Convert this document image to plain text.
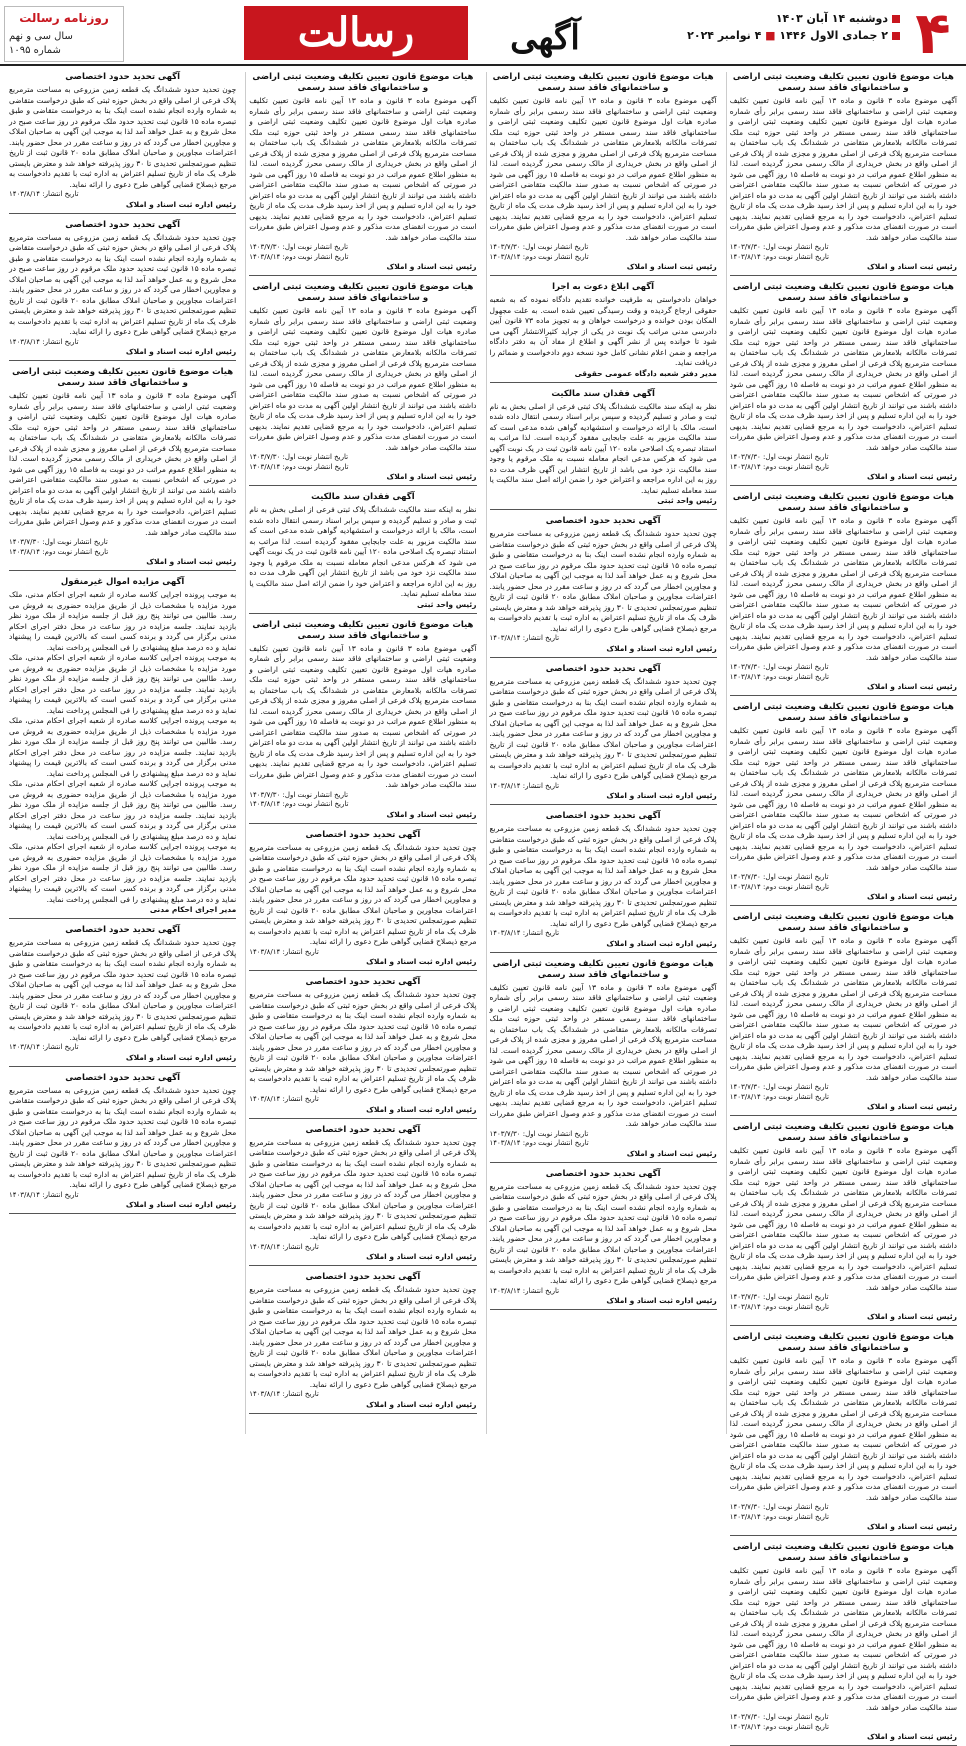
۴
دوشنبه ۱۴ آبان ۱۴۰۳
۲ جمادی الاول ۱۴۴۶ ■ ۴ نوامبر ۲۰۲۴
آگهی
رسالت
روزنامه رسالت
سال سی و نهم
شماره ۱۰۹۵
هیات موضوع قانون تعیین تکلیف وضعیت ثبتی اراضی و ساختمانهای فاقد سند رسمی
آگهی موضوع ماده ۳ قانون و ماده ۱۳ آیین نامه قانون تعیین تکلیف وضعیت ثبتی اراضی و ساختمانهای فاقد سند رسمی برابر رأی شماره صادره هیات اول موضوع قانون تعیین تکلیف وضعیت ثبتی اراضی و ساختمانهای فاقد سند رسمی مستقر در واحد ثبتی حوزه ثبت ملک تصرفات مالکانه بلامعارض متقاضی در ششدانگ یک باب ساختمان به مساحت مترمربع پلاک فرعی از اصلی مفروز و مجزی شده از پلاک فرعی از اصلی واقع در بخش خریداری از مالک رسمی محرز گردیده است. لذا به منظور اطلاع عموم مراتب در دو نوبت به فاصله ۱۵ روز آگهی می شود در صورتی که اشخاص نسبت به صدور سند مالکیت متقاضی اعتراضی داشته باشند می توانند از تاریخ انتشار اولین آگهی به مدت دو ماه اعتراض خود را به این اداره تسلیم و پس از اخذ رسید ظرف مدت یک ماه از تاریخ تسلیم اعتراض، دادخواست خود را به مرجع قضایی تقدیم نمایند. بدیهی است در صورت انقضای مدت مذکور و عدم وصول اعتراض طبق مقررات سند مالکیت صادر خواهد شد.
تاریخ انتشار نوبت اول: ۱۴۰۳/۷/۳۰
تاریخ انتشار نوبت دوم: ۱۴۰۳/۸/۱۴
رئیس ثبت اسناد و املاک
هیات موضوع قانون تعیین تکلیف وضعیت ثبتی اراضی و ساختمانهای فاقد سند رسمی
آگهی موضوع ماده ۳ قانون و ماده ۱۳ آیین نامه قانون تعیین تکلیف وضعیت ثبتی اراضی و ساختمانهای فاقد سند رسمی برابر رأی شماره صادره هیات اول موضوع قانون تعیین تکلیف وضعیت ثبتی اراضی و ساختمانهای فاقد سند رسمی مستقر در واحد ثبتی حوزه ثبت ملک تصرفات مالکانه بلامعارض متقاضی در ششدانگ یک باب ساختمان به مساحت مترمربع پلاک فرعی از اصلی مفروز و مجزی شده از پلاک فرعی از اصلی واقع در بخش خریداری از مالک رسمی محرز گردیده است. لذا به منظور اطلاع عموم مراتب در دو نوبت به فاصله ۱۵ روز آگهی می شود در صورتی که اشخاص نسبت به صدور سند مالکیت متقاضی اعتراضی داشته باشند می توانند از تاریخ انتشار اولین آگهی به مدت دو ماه اعتراض خود را به این اداره تسلیم و پس از اخذ رسید ظرف مدت یک ماه از تاریخ تسلیم اعتراض، دادخواست خود را به مرجع قضایی تقدیم نمایند. بدیهی است در صورت انقضای مدت مذکور و عدم وصول اعتراض طبق مقررات سند مالکیت صادر خواهد شد.
تاریخ انتشار نوبت اول: ۱۴۰۳/۷/۳۰
تاریخ انتشار نوبت دوم: ۱۴۰۳/۸/۱۴
رئیس ثبت اسناد و املاک
هیات موضوع قانون تعیین تکلیف وضعیت ثبتی اراضی و ساختمانهای فاقد سند رسمی
آگهی موضوع ماده ۳ قانون و ماده ۱۳ آیین نامه قانون تعیین تکلیف وضعیت ثبتی اراضی و ساختمانهای فاقد سند رسمی برابر رأی شماره صادره هیات اول موضوع قانون تعیین تکلیف وضعیت ثبتی اراضی و ساختمانهای فاقد سند رسمی مستقر در واحد ثبتی حوزه ثبت ملک تصرفات مالکانه بلامعارض متقاضی در ششدانگ یک باب ساختمان به مساحت مترمربع پلاک فرعی از اصلی مفروز و مجزی شده از پلاک فرعی از اصلی واقع در بخش خریداری از مالک رسمی محرز گردیده است. لذا به منظور اطلاع عموم مراتب در دو نوبت به فاصله ۱۵ روز آگهی می شود در صورتی که اشخاص نسبت به صدور سند مالکیت متقاضی اعتراضی داشته باشند می توانند از تاریخ انتشار اولین آگهی به مدت دو ماه اعتراض خود را به این اداره تسلیم و پس از اخذ رسید ظرف مدت یک ماه از تاریخ تسلیم اعتراض، دادخواست خود را به مرجع قضایی تقدیم نمایند. بدیهی است در صورت انقضای مدت مذکور و عدم وصول اعتراض طبق مقررات سند مالکیت صادر خواهد شد.
تاریخ انتشار نوبت اول: ۱۴۰۳/۷/۳۰
تاریخ انتشار نوبت دوم: ۱۴۰۳/۸/۱۴
رئیس ثبت اسناد و املاک
هیات موضوع قانون تعیین تکلیف وضعیت ثبتی اراضی و ساختمانهای فاقد سند رسمی
آگهی موضوع ماده ۳ قانون و ماده ۱۳ آیین نامه قانون تعیین تکلیف وضعیت ثبتی اراضی و ساختمانهای فاقد سند رسمی برابر رأی شماره صادره هیات اول موضوع قانون تعیین تکلیف وضعیت ثبتی اراضی و ساختمانهای فاقد سند رسمی مستقر در واحد ثبتی حوزه ثبت ملک تصرفات مالکانه بلامعارض متقاضی در ششدانگ یک باب ساختمان به مساحت مترمربع پلاک فرعی از اصلی مفروز و مجزی شده از پلاک فرعی از اصلی واقع در بخش خریداری از مالک رسمی محرز گردیده است. لذا به منظور اطلاع عموم مراتب در دو نوبت به فاصله ۱۵ روز آگهی می شود در صورتی که اشخاص نسبت به صدور سند مالکیت متقاضی اعتراضی داشته باشند می توانند از تاریخ انتشار اولین آگهی به مدت دو ماه اعتراض خود را به این اداره تسلیم و پس از اخذ رسید ظرف مدت یک ماه از تاریخ تسلیم اعتراض، دادخواست خود را به مرجع قضایی تقدیم نمایند. بدیهی است در صورت انقضای مدت مذکور و عدم وصول اعتراض طبق مقررات سند مالکیت صادر خواهد شد.
تاریخ انتشار نوبت اول: ۱۴۰۳/۷/۳۰
تاریخ انتشار نوبت دوم: ۱۴۰۳/۸/۱۴
رئیس ثبت اسناد و املاک
هیات موضوع قانون تعیین تکلیف وضعیت ثبتی اراضی و ساختمانهای فاقد سند رسمی
آگهی موضوع ماده ۳ قانون و ماده ۱۳ آیین نامه قانون تعیین تکلیف وضعیت ثبتی اراضی و ساختمانهای فاقد سند رسمی برابر رأی شماره صادره هیات اول موضوع قانون تعیین تکلیف وضعیت ثبتی اراضی و ساختمانهای فاقد سند رسمی مستقر در واحد ثبتی حوزه ثبت ملک تصرفات مالکانه بلامعارض متقاضی در ششدانگ یک باب ساختمان به مساحت مترمربع پلاک فرعی از اصلی مفروز و مجزی شده از پلاک فرعی از اصلی واقع در بخش خریداری از مالک رسمی محرز گردیده است. لذا به منظور اطلاع عموم مراتب در دو نوبت به فاصله ۱۵ روز آگهی می شود در صورتی که اشخاص نسبت به صدور سند مالکیت متقاضی اعتراضی داشته باشند می توانند از تاریخ انتشار اولین آگهی به مدت دو ماه اعتراض خود را به این اداره تسلیم و پس از اخذ رسید ظرف مدت یک ماه از تاریخ تسلیم اعتراض، دادخواست خود را به مرجع قضایی تقدیم نمایند. بدیهی است در صورت انقضای مدت مذکور و عدم وصول اعتراض طبق مقررات سند مالکیت صادر خواهد شد.
تاریخ انتشار نوبت اول: ۱۴۰۳/۷/۳۰
تاریخ انتشار نوبت دوم: ۱۴۰۳/۸/۱۴
رئیس ثبت اسناد و املاک
هیات موضوع قانون تعیین تکلیف وضعیت ثبتی اراضی و ساختمانهای فاقد سند رسمی
آگهی موضوع ماده ۳ قانون و ماده ۱۳ آیین نامه قانون تعیین تکلیف وضعیت ثبتی اراضی و ساختمانهای فاقد سند رسمی برابر رأی شماره صادره هیات اول موضوع قانون تعیین تکلیف وضعیت ثبتی اراضی و ساختمانهای فاقد سند رسمی مستقر در واحد ثبتی حوزه ثبت ملک تصرفات مالکانه بلامعارض متقاضی در ششدانگ یک باب ساختمان به مساحت مترمربع پلاک فرعی از اصلی مفروز و مجزی شده از پلاک فرعی از اصلی واقع در بخش خریداری از مالک رسمی محرز گردیده است. لذا به منظور اطلاع عموم مراتب در دو نوبت به فاصله ۱۵ روز آگهی می شود در صورتی که اشخاص نسبت به صدور سند مالکیت متقاضی اعتراضی داشته باشند می توانند از تاریخ انتشار اولین آگهی به مدت دو ماه اعتراض خود را به این اداره تسلیم و پس از اخذ رسید ظرف مدت یک ماه از تاریخ تسلیم اعتراض، دادخواست خود را به مرجع قضایی تقدیم نمایند. بدیهی است در صورت انقضای مدت مذکور و عدم وصول اعتراض طبق مقررات سند مالکیت صادر خواهد شد.
تاریخ انتشار نوبت اول: ۱۴۰۳/۷/۳۰
تاریخ انتشار نوبت دوم: ۱۴۰۳/۸/۱۴
رئیس ثبت اسناد و املاک
هیات موضوع قانون تعیین تکلیف وضعیت ثبتی اراضی و ساختمانهای فاقد سند رسمی
آگهی موضوع ماده ۳ قانون و ماده ۱۳ آیین نامه قانون تعیین تکلیف وضعیت ثبتی اراضی و ساختمانهای فاقد سند رسمی برابر رأی شماره صادره هیات اول موضوع قانون تعیین تکلیف وضعیت ثبتی اراضی و ساختمانهای فاقد سند رسمی مستقر در واحد ثبتی حوزه ثبت ملک تصرفات مالکانه بلامعارض متقاضی در ششدانگ یک باب ساختمان به مساحت مترمربع پلاک فرعی از اصلی مفروز و مجزی شده از پلاک فرعی از اصلی واقع در بخش خریداری از مالک رسمی محرز گردیده است. لذا به منظور اطلاع عموم مراتب در دو نوبت به فاصله ۱۵ روز آگهی می شود در صورتی که اشخاص نسبت به صدور سند مالکیت متقاضی اعتراضی داشته باشند می توانند از تاریخ انتشار اولین آگهی به مدت دو ماه اعتراض خود را به این اداره تسلیم و پس از اخذ رسید ظرف مدت یک ماه از تاریخ تسلیم اعتراض، دادخواست خود را به مرجع قضایی تقدیم نمایند. بدیهی است در صورت انقضای مدت مذکور و عدم وصول اعتراض طبق مقررات سند مالکیت صادر خواهد شد.
تاریخ انتشار نوبت اول: ۱۴۰۳/۷/۳۰
تاریخ انتشار نوبت دوم: ۱۴۰۳/۸/۱۴
رئیس ثبت اسناد و املاک
هیات موضوع قانون تعیین تکلیف وضعیت ثبتی اراضی و ساختمانهای فاقد سند رسمی
آگهی موضوع ماده ۳ قانون و ماده ۱۳ آیین نامه قانون تعیین تکلیف وضعیت ثبتی اراضی و ساختمانهای فاقد سند رسمی برابر رأی شماره صادره هیات اول موضوع قانون تعیین تکلیف وضعیت ثبتی اراضی و ساختمانهای فاقد سند رسمی مستقر در واحد ثبتی حوزه ثبت ملک تصرفات مالکانه بلامعارض متقاضی در ششدانگ یک باب ساختمان به مساحت مترمربع پلاک فرعی از اصلی مفروز و مجزی شده از پلاک فرعی از اصلی واقع در بخش خریداری از مالک رسمی محرز گردیده است. لذا به منظور اطلاع عموم مراتب در دو نوبت به فاصله ۱۵ روز آگهی می شود در صورتی که اشخاص نسبت به صدور سند مالکیت متقاضی اعتراضی داشته باشند می توانند از تاریخ انتشار اولین آگهی به مدت دو ماه اعتراض خود را به این اداره تسلیم و پس از اخذ رسید ظرف مدت یک ماه از تاریخ تسلیم اعتراض، دادخواست خود را به مرجع قضایی تقدیم نمایند. بدیهی است در صورت انقضای مدت مذکور و عدم وصول اعتراض طبق مقررات سند مالکیت صادر خواهد شد.
تاریخ انتشار نوبت اول: ۱۴۰۳/۷/۳۰
تاریخ انتشار نوبت دوم: ۱۴۰۳/۸/۱۴
رئیس ثبت اسناد و املاک
هیات موضوع قانون تعیین تکلیف وضعیت ثبتی اراضی و ساختمانهای فاقد سند رسمی
آگهی موضوع ماده ۳ قانون و ماده ۱۳ آیین نامه قانون تعیین تکلیف وضعیت ثبتی اراضی و ساختمانهای فاقد سند رسمی برابر رأی شماره صادره هیات اول موضوع قانون تعیین تکلیف وضعیت ثبتی اراضی و ساختمانهای فاقد سند رسمی مستقر در واحد ثبتی حوزه ثبت ملک تصرفات مالکانه بلامعارض متقاضی در ششدانگ یک باب ساختمان به مساحت مترمربع پلاک فرعی از اصلی مفروز و مجزی شده از پلاک فرعی از اصلی واقع در بخش خریداری از مالک رسمی محرز گردیده است. لذا به منظور اطلاع عموم مراتب در دو نوبت به فاصله ۱۵ روز آگهی می شود در صورتی که اشخاص نسبت به صدور سند مالکیت متقاضی اعتراضی داشته باشند می توانند از تاریخ انتشار اولین آگهی به مدت دو ماه اعتراض خود را به این اداره تسلیم و پس از اخذ رسید ظرف مدت یک ماه از تاریخ تسلیم اعتراض، دادخواست خود را به مرجع قضایی تقدیم نمایند. بدیهی است در صورت انقضای مدت مذکور و عدم وصول اعتراض طبق مقررات سند مالکیت صادر خواهد شد.
تاریخ انتشار نوبت اول: ۱۴۰۳/۷/۳۰
تاریخ انتشار نوبت دوم: ۱۴۰۳/۸/۱۴
رئیس ثبت اسناد و املاک
آگهی ابلاغ دعوت به اجرا
خواهان دادخواستی به طرفیت خوانده تقدیم دادگاه نموده که به شعبه حقوقی ارجاع گردیده و وقت رسیدگی تعیین شده است. به علت مجهول المکان بودن خوانده و درخواست خواهان و به تجویز ماده ۷۳ قانون آیین دادرسی مدنی مراتب یک نوبت در یکی از جراید کثیرالانتشار آگهی می شود تا خوانده پس از نشر آگهی و اطلاع از مفاد آن به دفتر دادگاه مراجعه و ضمن اعلام نشانی کامل خود نسخه دوم دادخواست و ضمائم را دریافت نماید.
مدیر دفتر شعبه دادگاه عمومی حقوقی
آگهی فقدان سند مالکیت
نظر به اینکه سند مالکیت ششدانگ پلاک ثبتی فرعی از اصلی بخش به نام ثبت و صادر و تسلیم گردیده و سپس برابر اسناد رسمی انتقال داده شده است، مالک با ارائه درخواست و استشهادیه گواهی شده مدعی است که سند مالکیت مزبور به علت جابجایی مفقود گردیده است. لذا مراتب به استناد تبصره یک اصلاحی ماده ۱۲۰ آیین نامه قانون ثبت در یک نوبت آگهی می شود که هرکس مدعی انجام معامله نسبت به ملک مرقوم یا وجود سند مالکیت نزد خود می باشد از تاریخ انتشار این آگهی ظرف مدت ده روز به این اداره مراجعه و اعتراض خود را ضمن ارائه اصل سند مالکیت یا سند معامله تسلیم نماید.
رئیس واحد ثبتی
آگهی تحدید حدود اختصاصی
چون تحدید حدود ششدانگ یک قطعه زمین مزروعی به مساحت مترمربع پلاک فرعی از اصلی واقع در بخش حوزه ثبتی که طبق درخواست متقاضی به شماره وارده انجام نشده است اینک بنا به درخواست متقاضی و طبق تبصره ماده ۱۵ قانون ثبت تحدید حدود ملک مرقوم در روز ساعت صبح در محل شروع و به عمل خواهد آمد لذا به موجب این آگهی به صاحبان املاک و مجاورین اخطار می گردد که در روز و ساعت مقرر در محل حضور یابند. اعتراضات مجاورین و صاحبان املاک مطابق ماده ۲۰ قانون ثبت از تاریخ تنظیم صورتمجلس تحدیدی تا ۳۰ روز پذیرفته خواهد شد و معترض بایستی ظرف یک ماه از تاریخ تسلیم اعتراض به اداره ثبت با تقدیم دادخواست به مرجع ذیصلاح قضایی گواهی طرح دعوی را ارائه نماید.
تاریخ انتشار: ۱۴۰۳/۸/۱۴
رئیس اداره ثبت اسناد و املاک
آگهی تحدید حدود اختصاصی
چون تحدید حدود ششدانگ یک قطعه زمین مزروعی به مساحت مترمربع پلاک فرعی از اصلی واقع در بخش حوزه ثبتی که طبق درخواست متقاضی به شماره وارده انجام نشده است اینک بنا به درخواست متقاضی و طبق تبصره ماده ۱۵ قانون ثبت تحدید حدود ملک مرقوم در روز ساعت صبح در محل شروع و به عمل خواهد آمد لذا به موجب این آگهی به صاحبان املاک و مجاورین اخطار می گردد که در روز و ساعت مقرر در محل حضور یابند. اعتراضات مجاورین و صاحبان املاک مطابق ماده ۲۰ قانون ثبت از تاریخ تنظیم صورتمجلس تحدیدی تا ۳۰ روز پذیرفته خواهد شد و معترض بایستی ظرف یک ماه از تاریخ تسلیم اعتراض به اداره ثبت با تقدیم دادخواست به مرجع ذیصلاح قضایی گواهی طرح دعوی را ارائه نماید.
تاریخ انتشار: ۱۴۰۳/۸/۱۴
رئیس اداره ثبت اسناد و املاک
آگهی تحدید حدود اختصاصی
چون تحدید حدود ششدانگ یک قطعه زمین مزروعی به مساحت مترمربع پلاک فرعی از اصلی واقع در بخش حوزه ثبتی که طبق درخواست متقاضی به شماره وارده انجام نشده است اینک بنا به درخواست متقاضی و طبق تبصره ماده ۱۵ قانون ثبت تحدید حدود ملک مرقوم در روز ساعت صبح در محل شروع و به عمل خواهد آمد لذا به موجب این آگهی به صاحبان املاک و مجاورین اخطار می گردد که در روز و ساعت مقرر در محل حضور یابند. اعتراضات مجاورین و صاحبان املاک مطابق ماده ۲۰ قانون ثبت از تاریخ تنظیم صورتمجلس تحدیدی تا ۳۰ روز پذیرفته خواهد شد و معترض بایستی ظرف یک ماه از تاریخ تسلیم اعتراض به اداره ثبت با تقدیم دادخواست به مرجع ذیصلاح قضایی گواهی طرح دعوی را ارائه نماید.
تاریخ انتشار: ۱۴۰۳/۸/۱۴
رئیس اداره ثبت اسناد و املاک
هیات موضوع قانون تعیین تکلیف وضعیت ثبتی اراضی و ساختمانهای فاقد سند رسمی
آگهی موضوع ماده ۳ قانون و ماده ۱۳ آیین نامه قانون تعیین تکلیف وضعیت ثبتی اراضی و ساختمانهای فاقد سند رسمی برابر رأی شماره صادره هیات اول موضوع قانون تعیین تکلیف وضعیت ثبتی اراضی و ساختمانهای فاقد سند رسمی مستقر در واحد ثبتی حوزه ثبت ملک تصرفات مالکانه بلامعارض متقاضی در ششدانگ یک باب ساختمان به مساحت مترمربع پلاک فرعی از اصلی مفروز و مجزی شده از پلاک فرعی از اصلی واقع در بخش خریداری از مالک رسمی محرز گردیده است. لذا به منظور اطلاع عموم مراتب در دو نوبت به فاصله ۱۵ روز آگهی می شود در صورتی که اشخاص نسبت به صدور سند مالکیت متقاضی اعتراضی داشته باشند می توانند از تاریخ انتشار اولین آگهی به مدت دو ماه اعتراض خود را به این اداره تسلیم و پس از اخذ رسید ظرف مدت یک ماه از تاریخ تسلیم اعتراض، دادخواست خود را به مرجع قضایی تقدیم نمایند. بدیهی است در صورت انقضای مدت مذکور و عدم وصول اعتراض طبق مقررات سند مالکیت صادر خواهد شد.
تاریخ انتشار نوبت اول: ۱۴۰۳/۷/۳۰
تاریخ انتشار نوبت دوم: ۱۴۰۳/۸/۱۴
رئیس ثبت اسناد و املاک
آگهی تحدید حدود اختصاصی
چون تحدید حدود ششدانگ یک قطعه زمین مزروعی به مساحت مترمربع پلاک فرعی از اصلی واقع در بخش حوزه ثبتی که طبق درخواست متقاضی به شماره وارده انجام نشده است اینک بنا به درخواست متقاضی و طبق تبصره ماده ۱۵ قانون ثبت تحدید حدود ملک مرقوم در روز ساعت صبح در محل شروع و به عمل خواهد آمد لذا به موجب این آگهی به صاحبان املاک و مجاورین اخطار می گردد که در روز و ساعت مقرر در محل حضور یابند. اعتراضات مجاورین و صاحبان املاک مطابق ماده ۲۰ قانون ثبت از تاریخ تنظیم صورتمجلس تحدیدی تا ۳۰ روز پذیرفته خواهد شد و معترض بایستی ظرف یک ماه از تاریخ تسلیم اعتراض به اداره ثبت با تقدیم دادخواست به مرجع ذیصلاح قضایی گواهی طرح دعوی را ارائه نماید.
تاریخ انتشار: ۱۴۰۳/۸/۱۴
رئیس اداره ثبت اسناد و املاک
هیات موضوع قانون تعیین تکلیف وضعیت ثبتی اراضی و ساختمانهای فاقد سند رسمی
آگهی موضوع ماده ۳ قانون و ماده ۱۳ آیین نامه قانون تعیین تکلیف وضعیت ثبتی اراضی و ساختمانهای فاقد سند رسمی برابر رأی شماره صادره هیات اول موضوع قانون تعیین تکلیف وضعیت ثبتی اراضی و ساختمانهای فاقد سند رسمی مستقر در واحد ثبتی حوزه ثبت ملک تصرفات مالکانه بلامعارض متقاضی در ششدانگ یک باب ساختمان به مساحت مترمربع پلاک فرعی از اصلی مفروز و مجزی شده از پلاک فرعی از اصلی واقع در بخش خریداری از مالک رسمی محرز گردیده است. لذا به منظور اطلاع عموم مراتب در دو نوبت به فاصله ۱۵ روز آگهی می شود در صورتی که اشخاص نسبت به صدور سند مالکیت متقاضی اعتراضی داشته باشند می توانند از تاریخ انتشار اولین آگهی به مدت دو ماه اعتراض خود را به این اداره تسلیم و پس از اخذ رسید ظرف مدت یک ماه از تاریخ تسلیم اعتراض، دادخواست خود را به مرجع قضایی تقدیم نمایند. بدیهی است در صورت انقضای مدت مذکور و عدم وصول اعتراض طبق مقررات سند مالکیت صادر خواهد شد.
تاریخ انتشار نوبت اول: ۱۴۰۳/۷/۳۰
تاریخ انتشار نوبت دوم: ۱۴۰۳/۸/۱۴
رئیس ثبت اسناد و املاک
هیات موضوع قانون تعیین تکلیف وضعیت ثبتی اراضی و ساختمانهای فاقد سند رسمی
آگهی موضوع ماده ۳ قانون و ماده ۱۳ آیین نامه قانون تعیین تکلیف وضعیت ثبتی اراضی و ساختمانهای فاقد سند رسمی برابر رأی شماره صادره هیات اول موضوع قانون تعیین تکلیف وضعیت ثبتی اراضی و ساختمانهای فاقد سند رسمی مستقر در واحد ثبتی حوزه ثبت ملک تصرفات مالکانه بلامعارض متقاضی در ششدانگ یک باب ساختمان به مساحت مترمربع پلاک فرعی از اصلی مفروز و مجزی شده از پلاک فرعی از اصلی واقع در بخش خریداری از مالک رسمی محرز گردیده است. لذا به منظور اطلاع عموم مراتب در دو نوبت به فاصله ۱۵ روز آگهی می شود در صورتی که اشخاص نسبت به صدور سند مالکیت متقاضی اعتراضی داشته باشند می توانند از تاریخ انتشار اولین آگهی به مدت دو ماه اعتراض خود را به این اداره تسلیم و پس از اخذ رسید ظرف مدت یک ماه از تاریخ تسلیم اعتراض، دادخواست خود را به مرجع قضایی تقدیم نمایند. بدیهی است در صورت انقضای مدت مذکور و عدم وصول اعتراض طبق مقررات سند مالکیت صادر خواهد شد.
تاریخ انتشار نوبت اول: ۱۴۰۳/۷/۳۰
تاریخ انتشار نوبت دوم: ۱۴۰۳/۸/۱۴
رئیس ثبت اسناد و املاک
آگهی فقدان سند مالکیت
نظر به اینکه سند مالکیت ششدانگ پلاک ثبتی فرعی از اصلی بخش به نام ثبت و صادر و تسلیم گردیده و سپس برابر اسناد رسمی انتقال داده شده است، مالک با ارائه درخواست و استشهادیه گواهی شده مدعی است که سند مالکیت مزبور به علت جابجایی مفقود گردیده است. لذا مراتب به استناد تبصره یک اصلاحی ماده ۱۲۰ آیین نامه قانون ثبت در یک نوبت آگهی می شود که هرکس مدعی انجام معامله نسبت به ملک مرقوم یا وجود سند مالکیت نزد خود می باشد از تاریخ انتشار این آگهی ظرف مدت ده روز به این اداره مراجعه و اعتراض خود را ضمن ارائه اصل سند مالکیت یا سند معامله تسلیم نماید.
رئیس واحد ثبتی
هیات موضوع قانون تعیین تکلیف وضعیت ثبتی اراضی و ساختمانهای فاقد سند رسمی
آگهی موضوع ماده ۳ قانون و ماده ۱۳ آیین نامه قانون تعیین تکلیف وضعیت ثبتی اراضی و ساختمانهای فاقد سند رسمی برابر رأی شماره صادره هیات اول موضوع قانون تعیین تکلیف وضعیت ثبتی اراضی و ساختمانهای فاقد سند رسمی مستقر در واحد ثبتی حوزه ثبت ملک تصرفات مالکانه بلامعارض متقاضی در ششدانگ یک باب ساختمان به مساحت مترمربع پلاک فرعی از اصلی مفروز و مجزی شده از پلاک فرعی از اصلی واقع در بخش خریداری از مالک رسمی محرز گردیده است. لذا به منظور اطلاع عموم مراتب در دو نوبت به فاصله ۱۵ روز آگهی می شود در صورتی که اشخاص نسبت به صدور سند مالکیت متقاضی اعتراضی داشته باشند می توانند از تاریخ انتشار اولین آگهی به مدت دو ماه اعتراض خود را به این اداره تسلیم و پس از اخذ رسید ظرف مدت یک ماه از تاریخ تسلیم اعتراض، دادخواست خود را به مرجع قضایی تقدیم نمایند. بدیهی است در صورت انقضای مدت مذکور و عدم وصول اعتراض طبق مقررات سند مالکیت صادر خواهد شد.
تاریخ انتشار نوبت اول: ۱۴۰۳/۷/۳۰
تاریخ انتشار نوبت دوم: ۱۴۰۳/۸/۱۴
رئیس ثبت اسناد و املاک
آگهی تحدید حدود اختصاصی
چون تحدید حدود ششدانگ یک قطعه زمین مزروعی به مساحت مترمربع پلاک فرعی از اصلی واقع در بخش حوزه ثبتی که طبق درخواست متقاضی به شماره وارده انجام نشده است اینک بنا به درخواست متقاضی و طبق تبصره ماده ۱۵ قانون ثبت تحدید حدود ملک مرقوم در روز ساعت صبح در محل شروع و به عمل خواهد آمد لذا به موجب این آگهی به صاحبان املاک و مجاورین اخطار می گردد که در روز و ساعت مقرر در محل حضور یابند. اعتراضات مجاورین و صاحبان املاک مطابق ماده ۲۰ قانون ثبت از تاریخ تنظیم صورتمجلس تحدیدی تا ۳۰ روز پذیرفته خواهد شد و معترض بایستی ظرف یک ماه از تاریخ تسلیم اعتراض به اداره ثبت با تقدیم دادخواست به مرجع ذیصلاح قضایی گواهی طرح دعوی را ارائه نماید.
تاریخ انتشار: ۱۴۰۳/۸/۱۴
رئیس اداره ثبت اسناد و املاک
آگهی تحدید حدود اختصاصی
چون تحدید حدود ششدانگ یک قطعه زمین مزروعی به مساحت مترمربع پلاک فرعی از اصلی واقع در بخش حوزه ثبتی که طبق درخواست متقاضی به شماره وارده انجام نشده است اینک بنا به درخواست متقاضی و طبق تبصره ماده ۱۵ قانون ثبت تحدید حدود ملک مرقوم در روز ساعت صبح در محل شروع و به عمل خواهد آمد لذا به موجب این آگهی به صاحبان املاک و مجاورین اخطار می گردد که در روز و ساعت مقرر در محل حضور یابند. اعتراضات مجاورین و صاحبان املاک مطابق ماده ۲۰ قانون ثبت از تاریخ تنظیم صورتمجلس تحدیدی تا ۳۰ روز پذیرفته خواهد شد و معترض بایستی ظرف یک ماه از تاریخ تسلیم اعتراض به اداره ثبت با تقدیم دادخواست به مرجع ذیصلاح قضایی گواهی طرح دعوی را ارائه نماید.
تاریخ انتشار: ۱۴۰۳/۸/۱۴
رئیس اداره ثبت اسناد و املاک
آگهی تحدید حدود اختصاصی
چون تحدید حدود ششدانگ یک قطعه زمین مزروعی به مساحت مترمربع پلاک فرعی از اصلی واقع در بخش حوزه ثبتی که طبق درخواست متقاضی به شماره وارده انجام نشده است اینک بنا به درخواست متقاضی و طبق تبصره ماده ۱۵ قانون ثبت تحدید حدود ملک مرقوم در روز ساعت صبح در محل شروع و به عمل خواهد آمد لذا به موجب این آگهی به صاحبان املاک و مجاورین اخطار می گردد که در روز و ساعت مقرر در محل حضور یابند. اعتراضات مجاورین و صاحبان املاک مطابق ماده ۲۰ قانون ثبت از تاریخ تنظیم صورتمجلس تحدیدی تا ۳۰ روز پذیرفته خواهد شد و معترض بایستی ظرف یک ماه از تاریخ تسلیم اعتراض به اداره ثبت با تقدیم دادخواست به مرجع ذیصلاح قضایی گواهی طرح دعوی را ارائه نماید.
تاریخ انتشار: ۱۴۰۳/۸/۱۴
رئیس اداره ثبت اسناد و املاک
آگهی تحدید حدود اختصاصی
چون تحدید حدود ششدانگ یک قطعه زمین مزروعی به مساحت مترمربع پلاک فرعی از اصلی واقع در بخش حوزه ثبتی که طبق درخواست متقاضی به شماره وارده انجام نشده است اینک بنا به درخواست متقاضی و طبق تبصره ماده ۱۵ قانون ثبت تحدید حدود ملک مرقوم در روز ساعت صبح در محل شروع و به عمل خواهد آمد لذا به موجب این آگهی به صاحبان املاک و مجاورین اخطار می گردد که در روز و ساعت مقرر در محل حضور یابند. اعتراضات مجاورین و صاحبان املاک مطابق ماده ۲۰ قانون ثبت از تاریخ تنظیم صورتمجلس تحدیدی تا ۳۰ روز پذیرفته خواهد شد و معترض بایستی ظرف یک ماه از تاریخ تسلیم اعتراض به اداره ثبت با تقدیم دادخواست به مرجع ذیصلاح قضایی گواهی طرح دعوی را ارائه نماید.
تاریخ انتشار: ۱۴۰۳/۸/۱۴
رئیس اداره ثبت اسناد و املاک
آگهی تحدید حدود اختصاصی
چون تحدید حدود ششدانگ یک قطعه زمین مزروعی به مساحت مترمربع پلاک فرعی از اصلی واقع در بخش حوزه ثبتی که طبق درخواست متقاضی به شماره وارده انجام نشده است اینک بنا به درخواست متقاضی و طبق تبصره ماده ۱۵ قانون ثبت تحدید حدود ملک مرقوم در روز ساعت صبح در محل شروع و به عمل خواهد آمد لذا به موجب این آگهی به صاحبان املاک و مجاورین اخطار می گردد که در روز و ساعت مقرر در محل حضور یابند. اعتراضات مجاورین و صاحبان املاک مطابق ماده ۲۰ قانون ثبت از تاریخ تنظیم صورتمجلس تحدیدی تا ۳۰ روز پذیرفته خواهد شد و معترض بایستی ظرف یک ماه از تاریخ تسلیم اعتراض به اداره ثبت با تقدیم دادخواست به مرجع ذیصلاح قضایی گواهی طرح دعوی را ارائه نماید.
تاریخ انتشار: ۱۴۰۳/۸/۱۴
رئیس اداره ثبت اسناد و املاک
آگهی تحدید حدود اختصاصی
چون تحدید حدود ششدانگ یک قطعه زمین مزروعی به مساحت مترمربع پلاک فرعی از اصلی واقع در بخش حوزه ثبتی که طبق درخواست متقاضی به شماره وارده انجام نشده است اینک بنا به درخواست متقاضی و طبق تبصره ماده ۱۵ قانون ثبت تحدید حدود ملک مرقوم در روز ساعت صبح در محل شروع و به عمل خواهد آمد لذا به موجب این آگهی به صاحبان املاک و مجاورین اخطار می گردد که در روز و ساعت مقرر در محل حضور یابند. اعتراضات مجاورین و صاحبان املاک مطابق ماده ۲۰ قانون ثبت از تاریخ تنظیم صورتمجلس تحدیدی تا ۳۰ روز پذیرفته خواهد شد و معترض بایستی ظرف یک ماه از تاریخ تسلیم اعتراض به اداره ثبت با تقدیم دادخواست به مرجع ذیصلاح قضایی گواهی طرح دعوی را ارائه نماید.
تاریخ انتشار: ۱۴۰۳/۸/۱۴
رئیس اداره ثبت اسناد و املاک
هیات موضوع قانون تعیین تکلیف وضعیت ثبتی اراضی و ساختمانهای فاقد سند رسمی
آگهی موضوع ماده ۳ قانون و ماده ۱۳ آیین نامه قانون تعیین تکلیف وضعیت ثبتی اراضی و ساختمانهای فاقد سند رسمی برابر رأی شماره صادره هیات اول موضوع قانون تعیین تکلیف وضعیت ثبتی اراضی و ساختمانهای فاقد سند رسمی مستقر در واحد ثبتی حوزه ثبت ملک تصرفات مالکانه بلامعارض متقاضی در ششدانگ یک باب ساختمان به مساحت مترمربع پلاک فرعی از اصلی مفروز و مجزی شده از پلاک فرعی از اصلی واقع در بخش خریداری از مالک رسمی محرز گردیده است. لذا به منظور اطلاع عموم مراتب در دو نوبت به فاصله ۱۵ روز آگهی می شود در صورتی که اشخاص نسبت به صدور سند مالکیت متقاضی اعتراضی داشته باشند می توانند از تاریخ انتشار اولین آگهی به مدت دو ماه اعتراض خود را به این اداره تسلیم و پس از اخذ رسید ظرف مدت یک ماه از تاریخ تسلیم اعتراض، دادخواست خود را به مرجع قضایی تقدیم نمایند. بدیهی است در صورت انقضای مدت مذکور و عدم وصول اعتراض طبق مقررات سند مالکیت صادر خواهد شد.
تاریخ انتشار نوبت اول: ۱۴۰۳/۷/۳۰
تاریخ انتشار نوبت دوم: ۱۴۰۳/۸/۱۴
رئیس ثبت اسناد و املاک
آگهی مزایده اموال غیرمنقول
به موجب پرونده اجرایی کلاسه صادره از شعبه اجرای احکام مدنی، ملک مورد مزایده با مشخصات ذیل از طریق مزایده حضوری به فروش می رسد. طالبین می توانند پنج روز قبل از جلسه مزایده از ملک مورد نظر بازدید نمایند. جلسه مزایده در روز ساعت در محل دفتر اجرای احکام مدنی برگزار می گردد و برنده کسی است که بالاترین قیمت را پیشنهاد نماید و ده درصد مبلغ پیشنهادی را فی المجلس پرداخت نماید.
به موجب پرونده اجرایی کلاسه صادره از شعبه اجرای احکام مدنی، ملک مورد مزایده با مشخصات ذیل از طریق مزایده حضوری به فروش می رسد. طالبین می توانند پنج روز قبل از جلسه مزایده از ملک مورد نظر بازدید نمایند. جلسه مزایده در روز ساعت در محل دفتر اجرای احکام مدنی برگزار می گردد و برنده کسی است که بالاترین قیمت را پیشنهاد نماید و ده درصد مبلغ پیشنهادی را فی المجلس پرداخت نماید.
به موجب پرونده اجرایی کلاسه صادره از شعبه اجرای احکام مدنی، ملک مورد مزایده با مشخصات ذیل از طریق مزایده حضوری به فروش می رسد. طالبین می توانند پنج روز قبل از جلسه مزایده از ملک مورد نظر بازدید نمایند. جلسه مزایده در روز ساعت در محل دفتر اجرای احکام مدنی برگزار می گردد و برنده کسی است که بالاترین قیمت را پیشنهاد نماید و ده درصد مبلغ پیشنهادی را فی المجلس پرداخت نماید.
به موجب پرونده اجرایی کلاسه صادره از شعبه اجرای احکام مدنی، ملک مورد مزایده با مشخصات ذیل از طریق مزایده حضوری به فروش می رسد. طالبین می توانند پنج روز قبل از جلسه مزایده از ملک مورد نظر بازدید نمایند. جلسه مزایده در روز ساعت در محل دفتر اجرای احکام مدنی برگزار می گردد و برنده کسی است که بالاترین قیمت را پیشنهاد نماید و ده درصد مبلغ پیشنهادی را فی المجلس پرداخت نماید.
به موجب پرونده اجرایی کلاسه صادره از شعبه اجرای احکام مدنی، ملک مورد مزایده با مشخصات ذیل از طریق مزایده حضوری به فروش می رسد. طالبین می توانند پنج روز قبل از جلسه مزایده از ملک مورد نظر بازدید نمایند. جلسه مزایده در روز ساعت در محل دفتر اجرای احکام مدنی برگزار می گردد و برنده کسی است که بالاترین قیمت را پیشنهاد نماید و ده درصد مبلغ پیشنهادی را فی المجلس پرداخت نماید.
مدیر اجرای احکام مدنی
آگهی تحدید حدود اختصاصی
چون تحدید حدود ششدانگ یک قطعه زمین مزروعی به مساحت مترمربع پلاک فرعی از اصلی واقع در بخش حوزه ثبتی که طبق درخواست متقاضی به شماره وارده انجام نشده است اینک بنا به درخواست متقاضی و طبق تبصره ماده ۱۵ قانون ثبت تحدید حدود ملک مرقوم در روز ساعت صبح در محل شروع و به عمل خواهد آمد لذا به موجب این آگهی به صاحبان املاک و مجاورین اخطار می گردد که در روز و ساعت مقرر در محل حضور یابند. اعتراضات مجاورین و صاحبان املاک مطابق ماده ۲۰ قانون ثبت از تاریخ تنظیم صورتمجلس تحدیدی تا ۳۰ روز پذیرفته خواهد شد و معترض بایستی ظرف یک ماه از تاریخ تسلیم اعتراض به اداره ثبت با تقدیم دادخواست به مرجع ذیصلاح قضایی گواهی طرح دعوی را ارائه نماید.
تاریخ انتشار: ۱۴۰۳/۸/۱۴
رئیس اداره ثبت اسناد و املاک
آگهی تحدید حدود اختصاصی
چون تحدید حدود ششدانگ یک قطعه زمین مزروعی به مساحت مترمربع پلاک فرعی از اصلی واقع در بخش حوزه ثبتی که طبق درخواست متقاضی به شماره وارده انجام نشده است اینک بنا به درخواست متقاضی و طبق تبصره ماده ۱۵ قانون ثبت تحدید حدود ملک مرقوم در روز ساعت صبح در محل شروع و به عمل خواهد آمد لذا به موجب این آگهی به صاحبان املاک و مجاورین اخطار می گردد که در روز و ساعت مقرر در محل حضور یابند. اعتراضات مجاورین و صاحبان املاک مطابق ماده ۲۰ قانون ثبت از تاریخ تنظیم صورتمجلس تحدیدی تا ۳۰ روز پذیرفته خواهد شد و معترض بایستی ظرف یک ماه از تاریخ تسلیم اعتراض به اداره ثبت با تقدیم دادخواست به مرجع ذیصلاح قضایی گواهی طرح دعوی را ارائه نماید.
تاریخ انتشار: ۱۴۰۳/۸/۱۴
رئیس اداره ثبت اسناد و املاک
